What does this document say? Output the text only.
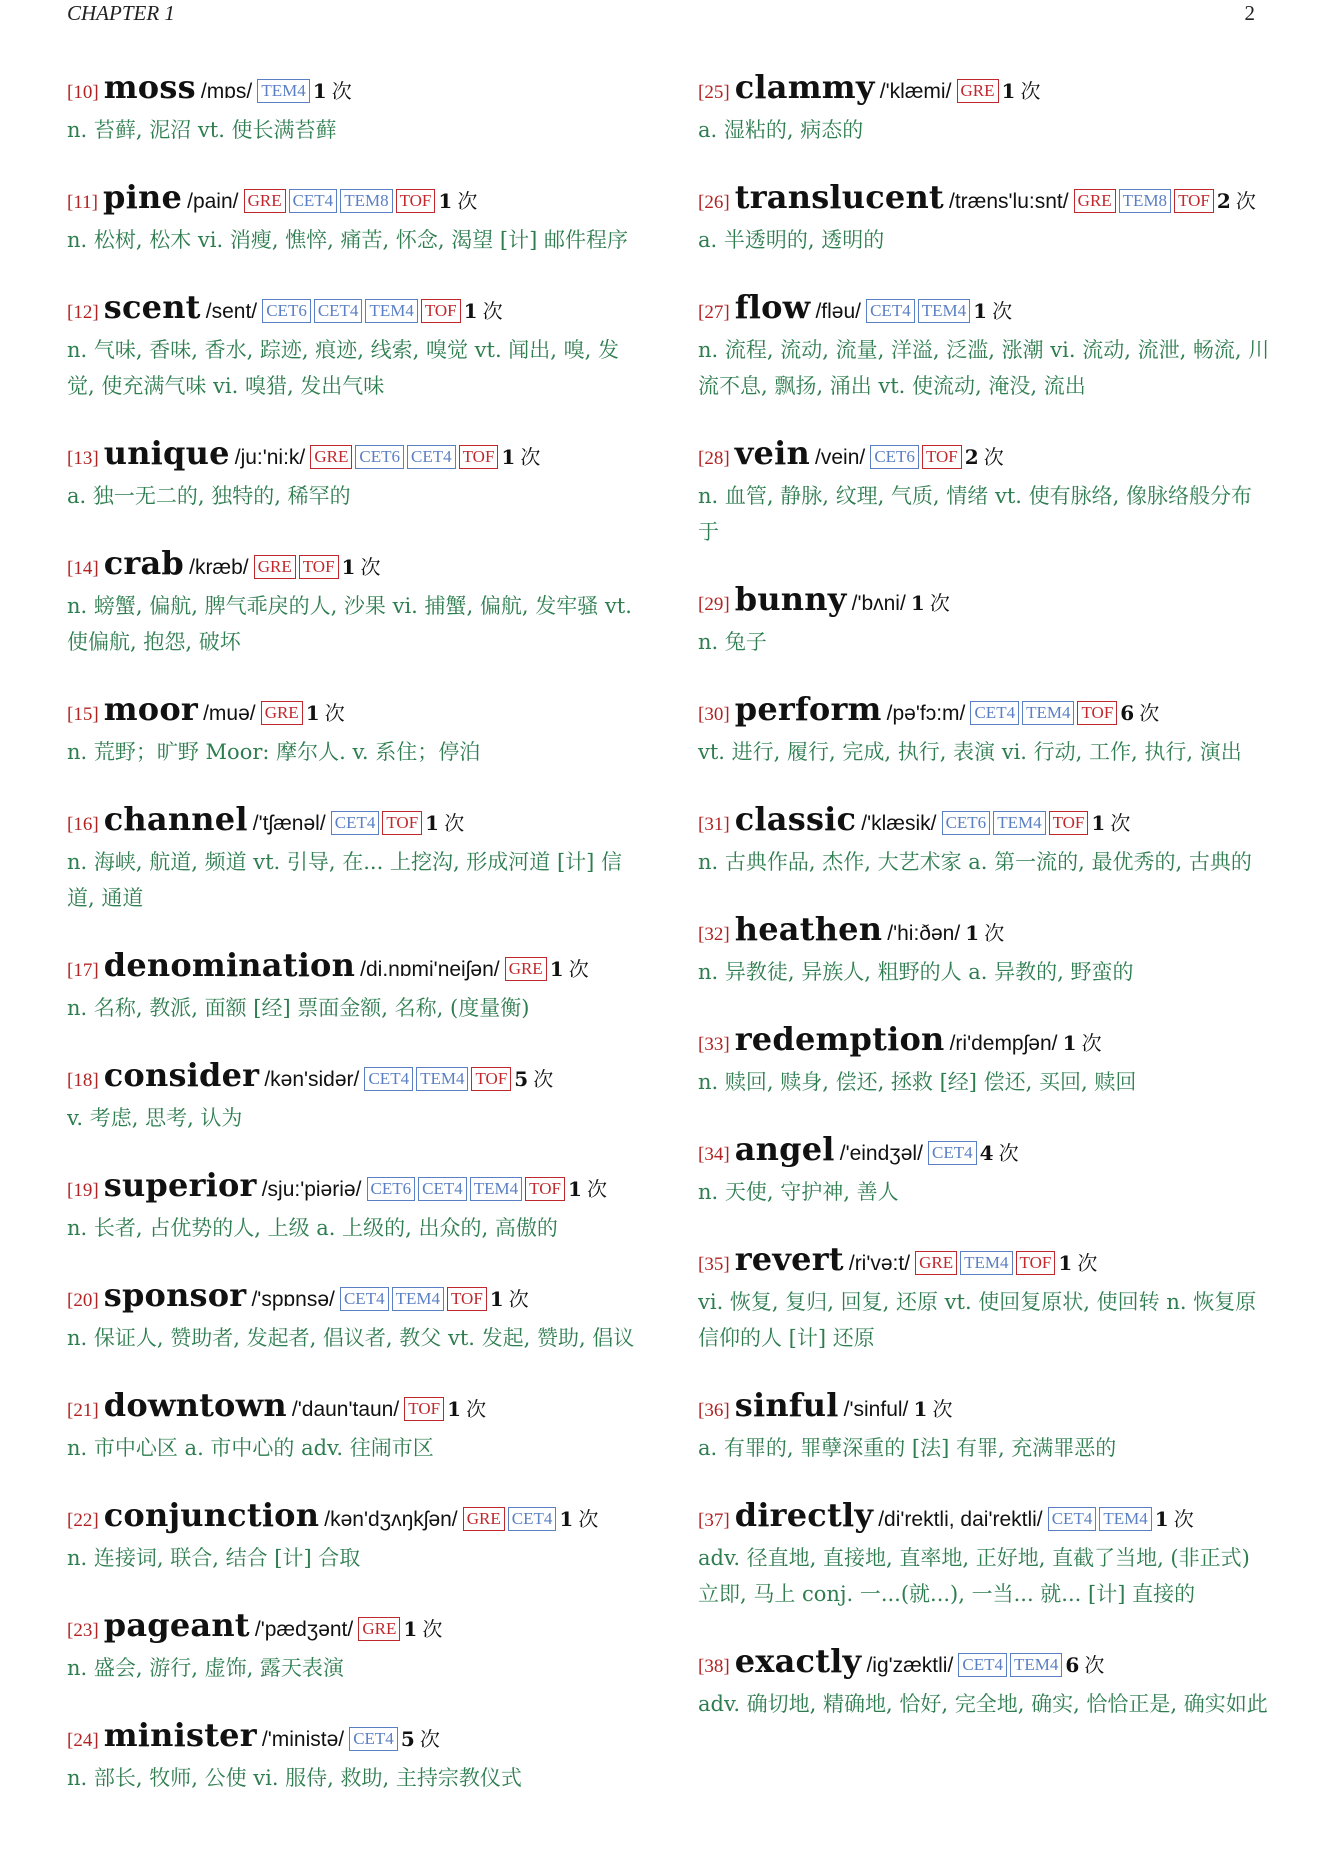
CHAPTER 1	2
[10] moss /mɒs/ TEM4 1 次
n. 苔藓, 泥沼 vt. 使长满苔藓
[11] pine /pain/ GRE CET4 TEM8 TOF 1 次
n. 松树, 松木 vi. 消瘦, 憔悴, 痛苦, 怀念, 渴望 [计] 邮件程序
[12] scent /sent/ CET6 CET4 TEM4 TOF 1 次
n. 气味, 香味, 香水, 踪迹, 痕迹, 线索, 嗅觉 vt. 闻出, 嗅, 发觉, 使充满气味 vi. 嗅猎, 发出气味
[13] unique /ju:'ni:k/ GRE CET6 CET4 TOF 1 次
a. 独一无二的, 独特的, 稀罕的
[14] crab /kræb/ GRE TOF 1 次
n. 螃蟹, 偏航, 脾气乖戾的人, 沙果 vi. 捕蟹, 偏航, 发牢骚 vt. 使偏航, 抱怨, 破坏
[15] moor /muə/ GRE 1 次
n. 荒野；旷野 Moor: 摩尔人. v. 系住；停泊
[16] channel /'tʃænəl/ CET4 TOF 1 次
n. 海峡, 航道, 频道 vt. 引导, 在... 上挖沟, 形成河道 [计] 信道, 通道
[17] denomination /di.nɒmi'neiʃən/ GRE 1 次
n. 名称, 教派, 面额 [经] 票面金额, 名称, (度量衡)
[18] consider /kən'sidər/ CET4 TEM4 TOF 5 次
v. 考虑, 思考, 认为
[19] superior /sju:'piəriə/ CET6 CET4 TEM4 TOF 1 次
n. 长者, 占优势的人, 上级 a. 上级的, 出众的, 高傲的
[20] sponsor /'spɒnsə/ CET4 TEM4 TOF 1 次
n. 保证人, 赞助者, 发起者, 倡议者, 教父 vt. 发起, 赞助, 倡议
[21] downtown /'daun'taun/ TOF 1 次
n. 市中心区 a. 市中心的 adv. 往闹市区
[22] conjunction /kən'dʒʌŋkʃən/ GRE CET4 1 次
n. 连接词, 联合, 结合 [计] 合取
[23] pageant /'pædʒənt/ GRE 1 次
n. 盛会, 游行, 虚饰, 露天表演
[24] minister /'ministə/ CET4 5 次
n. 部长, 牧师, 公使 vi. 服侍, 救助, 主持宗教仪式
[25] clammy /'klæmi/ GRE 1 次
a. 湿粘的, 病态的
[26] translucent /træns'lu:snt/ GRE TEM8 TOF 2 次
a. 半透明的, 透明的
[27] flow /fləu/ CET4 TEM4 1 次
n. 流程, 流动, 流量, 洋溢, 泛滥, 涨潮 vi. 流动, 流泄, 畅流, 川流不息, 飘扬, 涌出 vt. 使流动, 淹没, 流出
[28] vein /vein/ CET6 TOF 2 次
n. 血管, 静脉, 纹理, 气质, 情绪 vt. 使有脉络, 像脉络般分布于
[29] bunny /'bʌni/ 1 次
n. 兔子
[30] perform /pə'fɔ:m/ CET4 TEM4 TOF 6 次
vt. 进行, 履行, 完成, 执行, 表演 vi. 行动, 工作, 执行, 演出
[31] classic /'klæsik/ CET6 TEM4 TOF 1 次
n. 古典作品, 杰作, 大艺术家 a. 第一流的, 最优秀的, 古典的
[32] heathen /'hi:ðən/ 1 次
n. 异教徒, 异族人, 粗野的人 a. 异教的, 野蛮的
[33] redemption /ri'dempʃən/ 1 次
n. 赎回, 赎身, 偿还, 拯救 [经] 偿还, 买回, 赎回
[34] angel /'eindʒəl/ CET4 4 次
n. 天使, 守护神, 善人
[35] revert /ri'və:t/ GRE TEM4 TOF 1 次
vi. 恢复, 复归, 回复, 还原 vt. 使回复原状, 使回转 n. 恢复原信仰的人 [计] 还原
[36] sinful /'sinful/ 1 次
a. 有罪的, 罪孽深重的 [法] 有罪, 充满罪恶的
[37] directly /di'rektli, dai'rektli/ CET4 TEM4 1 次
adv. 径直地, 直接地, 直率地, 正好地, 直截了当地, (非正式) 立即, 马上 conj. 一...(就...), 一当... 就... [计] 直接的
[38] exactly /ig'zæktli/ CET4 TEM4 6 次
adv. 确切地, 精确地, 恰好, 完全地, 确实, 恰恰正是, 确实如此
